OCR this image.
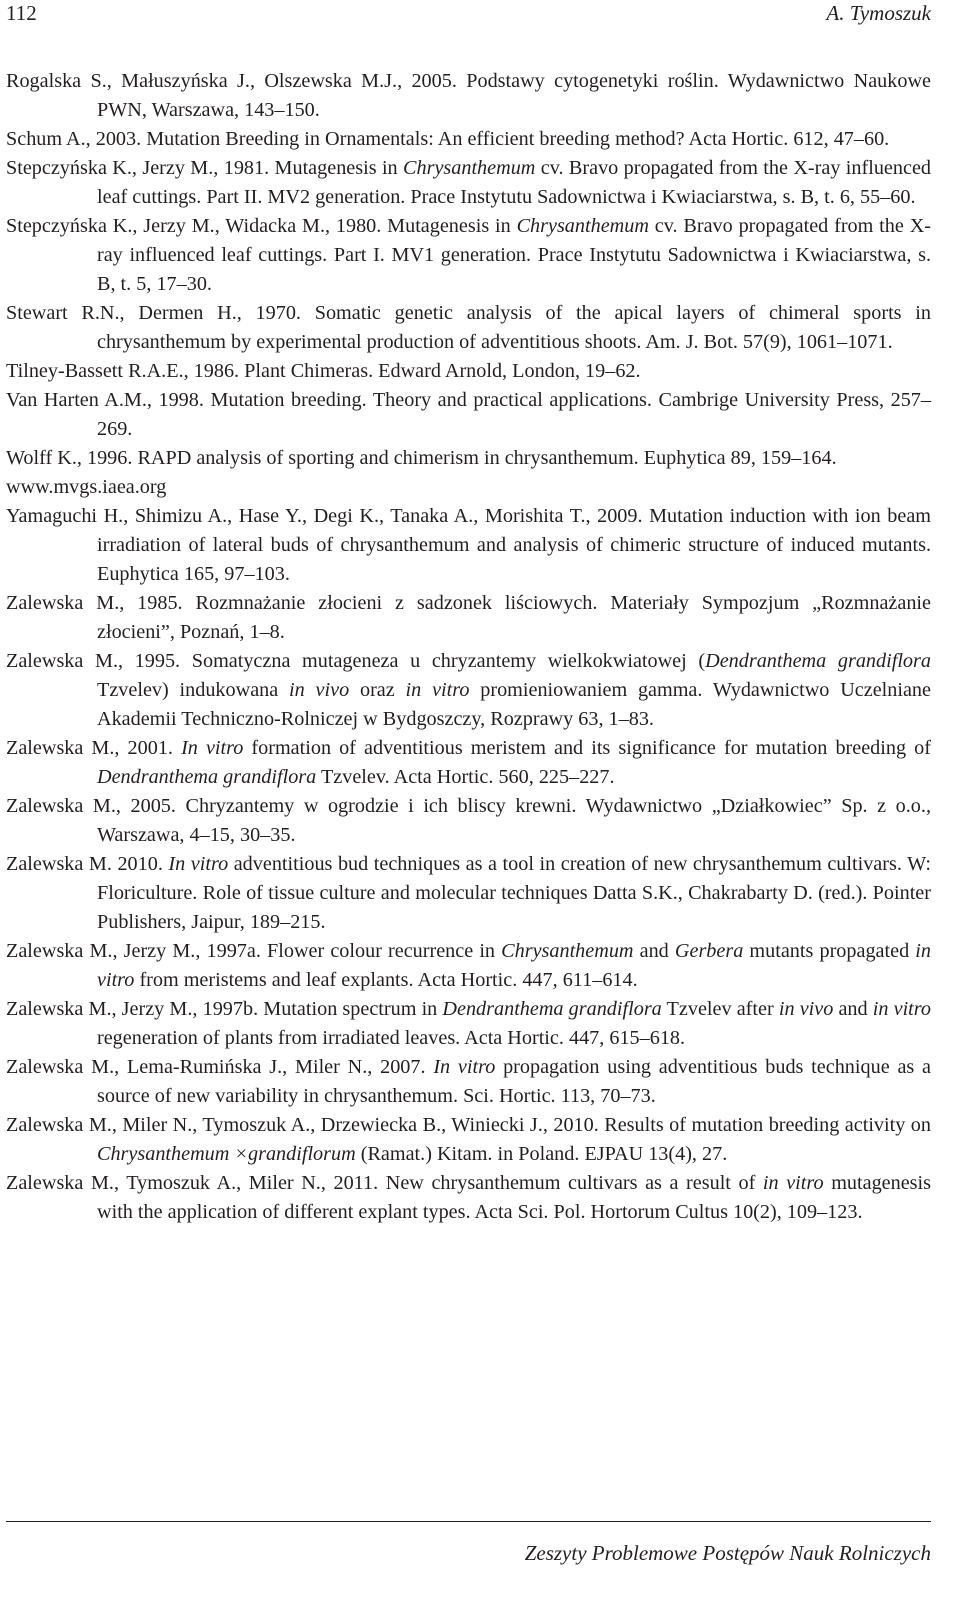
112	A. Tymoszuk
Rogalska S., Małuszyńska J., Olszewska M.J., 2005. Podstawy cytogenetyki roślin. Wydawnictwo Naukowe PWN, Warszawa, 143–150.
Schum A., 2003. Mutation Breeding in Ornamentals: An efficient breeding method? Acta Hortic. 612, 47–60.
Stepczyńska K., Jerzy M., 1981. Mutagenesis in Chrysanthemum cv. Bravo propagated from the X-ray influenced leaf cuttings. Part II. MV2 generation. Prace Instytutu Sadownictwa i Kwiaciarstwa, s. B, t. 6, 55–60.
Stepczyńska K., Jerzy M., Widacka M., 1980. Mutagenesis in Chrysanthemum cv. Bravo propagated from the X-ray influenced leaf cuttings. Part I. MV1 generation. Prace Instytutu Sadownictwa i Kwiaciarstwa, s. B, t. 5, 17–30.
Stewart R.N., Dermen H., 1970. Somatic genetic analysis of the apical layers of chimeral sports in chrysanthemum by experimental production of adventitious shoots. Am. J. Bot. 57(9), 1061–1071.
Tilney-Bassett R.A.E., 1986. Plant Chimeras. Edward Arnold, London, 19–62.
Van Harten A.M., 1998. Mutation breeding. Theory and practical applications. Cambrige University Press, 257–269.
Wolff K., 1996. RAPD analysis of sporting and chimerism in chrysanthemum. Euphytica 89, 159–164.
www.mvgs.iaea.org
Yamaguchi H., Shimizu A., Hase Y., Degi K., Tanaka A., Morishita T., 2009. Mutation induction with ion beam irradiation of lateral buds of chrysanthemum and analysis of chimeric structure of induced mutants. Euphytica 165, 97–103.
Zalewska M., 1985. Rozmnażanie złocieni z sadzonek liściowych. Materiały Sympozjum „Rozmnażanie złocieni”, Poznań, 1–8.
Zalewska M., 1995. Somatyczna mutageneza u chryzantemy wielkokwiatowej (Dendranthema grandiflora Tzvelev) indukowana in vivo oraz in vitro promieniowaniem gamma. Wydawnictwo Uczelniane Akademii Techniczno-Rolniczej w Bydgoszczy, Rozprawy 63, 1–83.
Zalewska M., 2001. In vitro formation of adventitious meristem and its significance for mutation breeding of Dendranthema grandiflora Tzvelev. Acta Hortic. 560, 225–227.
Zalewska M., 2005. Chryzantemy w ogrodzie i ich bliscy krewni. Wydawnictwo „Działkowiec” Sp. z o.o., Warszawa, 4–15, 30–35.
Zalewska M. 2010. In vitro adventitious bud techniques as a tool in creation of new chrysanthemum cultivars. W: Floriculture. Role of tissue culture and molecular techniques Datta S.K., Chakrabarty D. (red.). Pointer Publishers, Jaipur, 189–215.
Zalewska M., Jerzy M., 1997a. Flower colour recurrence in Chrysanthemum and Gerbera mutants propagated in vitro from meristems and leaf explants. Acta Hortic. 447, 611–614.
Zalewska M., Jerzy M., 1997b. Mutation spectrum in Dendranthema grandiflora Tzvelev after in vivo and in vitro regeneration of plants from irradiated leaves. Acta Hortic. 447, 615–618.
Zalewska M., Lema-Rumińska J., Miler N., 2007. In vitro propagation using adventitious buds technique as a source of new variability in chrysanthemum. Sci. Hortic. 113, 70–73.
Zalewska M., Miler N., Tymoszuk A., Drzewiecka B., Winiecki J., 2010. Results of mutation breeding activity on Chrysanthemum ×grandiflorum (Ramat.) Kitam. in Poland. EJPAU 13(4), 27.
Zalewska M., Tymoszuk A., Miler N., 2011. New chrysanthemum cultivars as a result of in vitro mutagenesis with the application of different explant types. Acta Sci. Pol. Hortorum Cultus 10(2), 109–123.
Zeszyty Problemowe Postępów Nauk Rolniczych
